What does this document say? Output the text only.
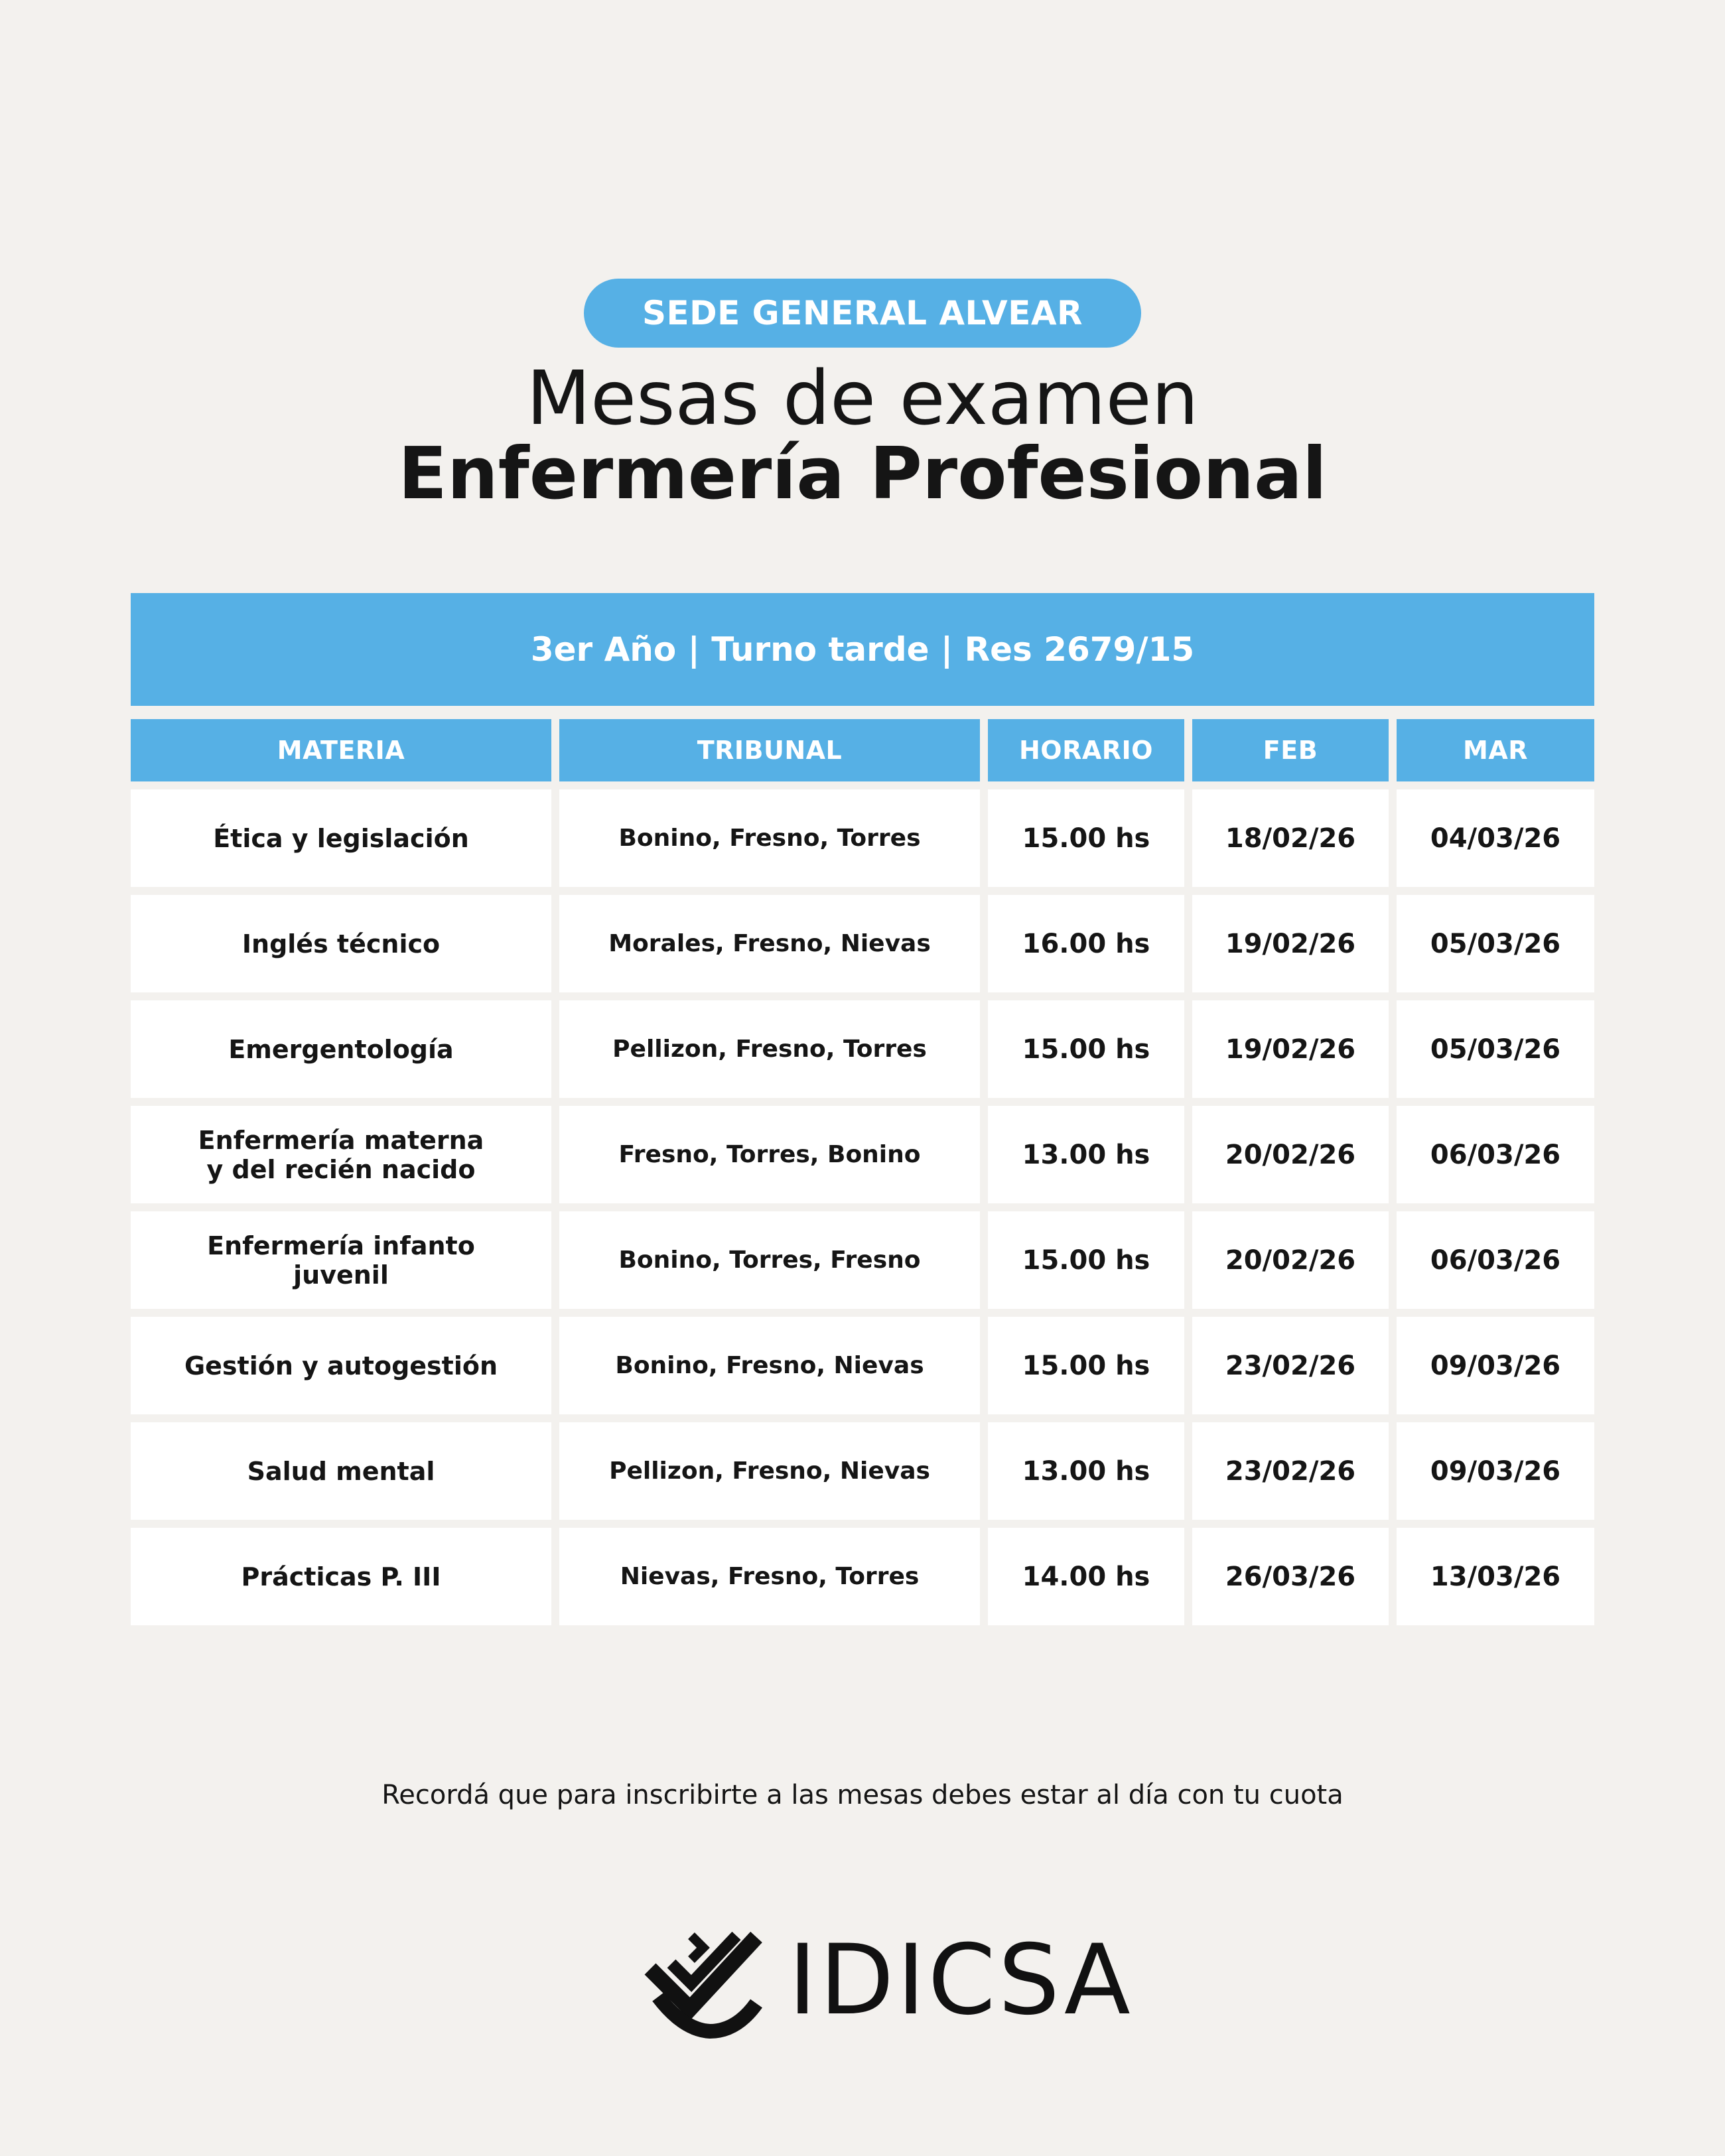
SEDE GENERAL ALVEAR
Mesas de examen
Enfermería Profesional
3er Año | Turno tarde | Res 2679/15
MATERIA	TRIBUNAL	HORARIO	FEB	MAR
Ética y legislación	Bonino, Fresno, Torres	15.00 hs	18/02/26	04/03/26
Inglés técnico	Morales, Fresno, Nievas	16.00 hs	19/02/26	05/03/26
Emergentología	Pellizon, Fresno, Torres	15.00 hs	19/02/26	05/03/26
Enfermería materna
y del recién nacido	Fresno, Torres, Bonino	13.00 hs	20/02/26	06/03/26
Enfermería infanto
juvenil	Bonino, Torres, Fresno	15.00 hs	20/02/26	06/03/26
Gestión y autogestión	Bonino, Fresno, Nievas	15.00 hs	23/02/26	09/03/26
Salud mental	Pellizon, Fresno, Nievas	13.00 hs	23/02/26	09/03/26
Prácticas P. III	Nievas, Fresno, Torres	14.00 hs	26/03/26	13/03/26
Recordá que para inscribirte a las mesas debes estar al día con tu cuota
IDICSA
